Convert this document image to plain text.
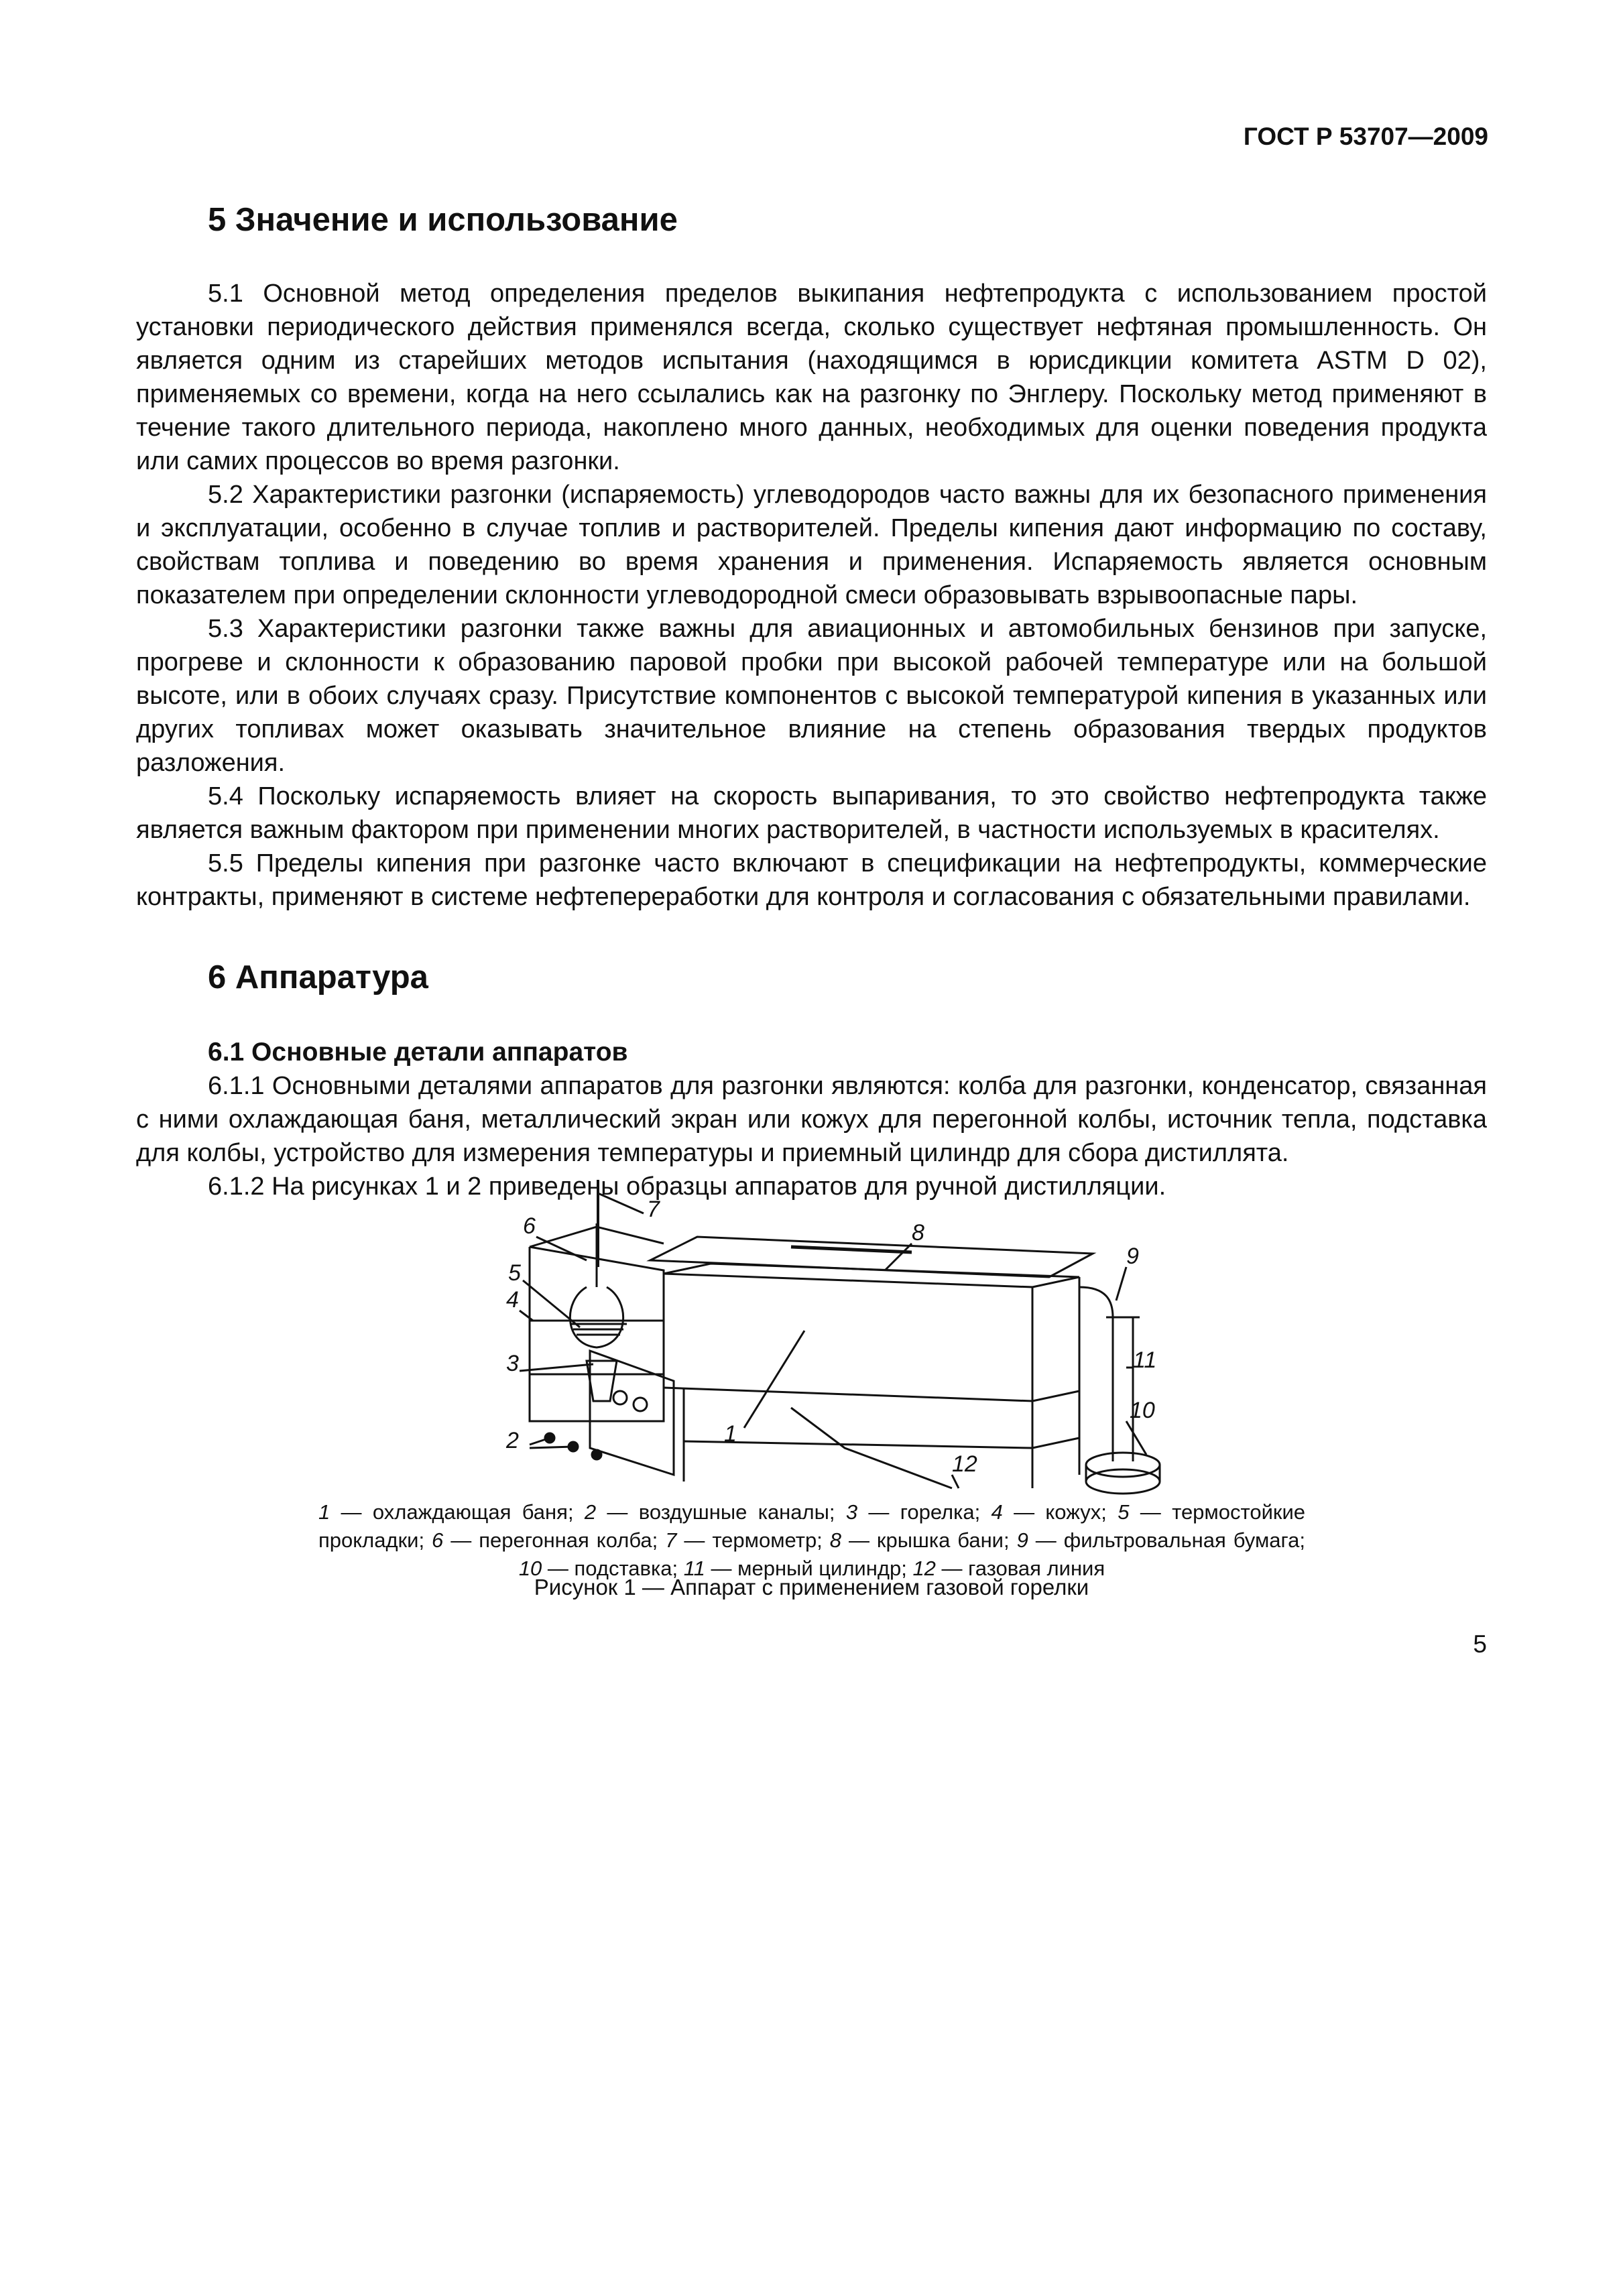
ГОСТ Р 53707—2009
5 Значение и использование

5.1 Основной метод определения пределов выкипания нефтепродукта с использованием простой установки периодического действия применялся всегда, сколько существует нефтяная промышленность. Он является одним из старейших методов испытания (находящимся в юрисдикции комитета ASTM D 02), применяемых со времени, когда на него ссылались как на разгонку по Энглеру. Поскольку метод применяют в течение такого длительного периода, накоплено много данных, необходимых для оценки поведения продукта или самих процессов во время разгонки.

5.2 Характеристики разгонки (испаряемость) углеводородов часто важны для их безопасного применения и эксплуатации, особенно в случае топлив и растворителей. Пределы кипения дают информацию по составу, свойствам топлива и поведению во время хранения и применения. Испаряемость является основным показателем при определении склонности углеводородной смеси образовывать взрывоопасные пары.

5.3 Характеристики разгонки также важны для авиационных и автомобильных бензинов при запуске, прогреве и склонности к образованию паровой пробки при высокой рабочей температуре или на большой высоте, или в обоих случаях сразу. Присутствие компонентов с высокой температурой кипения в указанных или других топливах может оказывать значительное влияние на степень образования твердых продуктов разложения.

5.4 Поскольку испаряемость влияет на скорость выпаривания, то это свойство нефтепродукта также является важным фактором при применении многих растворителей, в частности используемых в красителях.

5.5 Пределы кипения при разгонке часто включают в спецификации на нефтепродукты, коммерческие контракты, применяют в системе нефтепереработки для контроля и согласования с обязательными правилами.

6 Аппаратура
6.1 Основные детали аппаратов

6.1.1 Основными деталями аппаратов для разгонки являются: колба для разгонки, конденсатор, связанная с ними охлаждающая баня, металлический экран или кожух для перегонной колбы, источник тепла, подставка для колбы, устройство для измерения температуры и приемный цилиндр для сбора дистиллята.

6.1.2 На рисунках 1 и 2 приведены образцы аппаратов для ручной дистилляции.

7
6
5
4
3
2	1
8
9
11
10
12

1 — охлаждающая баня; 2 — воздушные каналы; 3 — горелка; 4 — кожух; 5 — термостойкие прокладки; 6 — перегонная колба; 7 — термометр; 8 — крышка бани; 9 — фильтровальная бумага; 10 — подставка; 11 — мерный цилиндр; 12 — газовая линия

Рисунок 1 — Аппарат с применением газовой горелки

5
